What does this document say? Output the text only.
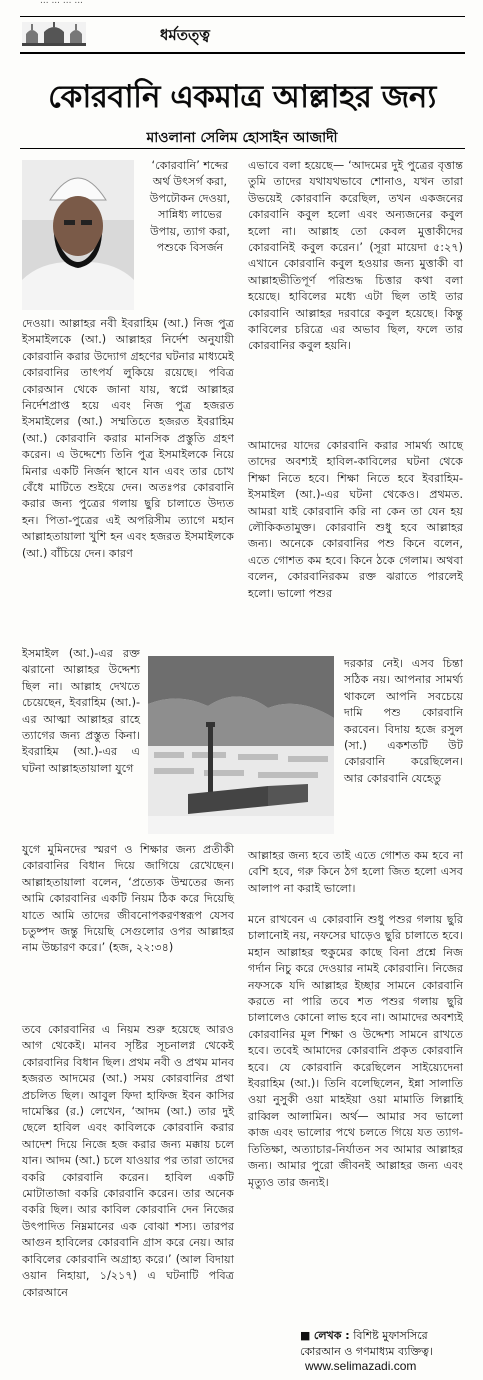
... ... ... ...
ধর্মতত্ত্ব
কোরবানি একমাত্র আল্লাহর জন্য
মাওলানা সেলিম হোসাইন আজাদী

‘কোরবানি’ শব্দের অর্থ উৎসর্গ করা, উপঢৌকন দেওয়া, সান্নিধ্য লাভের উপায়, ত্যাগ করা, পশুকে বিসর্জন

দেওয়া। আল্লাহর নবী ইবরাহিম (আ.) নিজ পুত্র ইসমাইলকে (আ.) আল্লাহর নির্দেশ অনুযায়ী কোরবানি করার উদ্যোগ গ্রহণের ঘটনার মাধ্যমেই কোরবানির তাৎপর্য লুকিয়ে রয়েছে। পবিত্র কোরআন থেকে জানা যায়, স্বপ্নে আল্লাহর নির্দেশপ্রাপ্ত হয়ে এবং নিজ পুত্র হজরত ইসমাইলের (আ.) সম্মতিতে হজরত ইবরাহিম (আ.) কোরবানি করার মানসিক প্রস্তুতি গ্রহণ করেন। এ উদ্দেশ্যে তিনি পুত্র ইসমাইলকে নিয়ে মিনার একটি নির্জন স্থানে যান এবং তার চোখ বেঁধে মাটিতে শুইয়ে দেন। অতঃপর কোরবানি করার জন্য পুত্রের গলায় ছুরি চালাতে উদ্যত হন। পিতা-পুত্রের এই অপরিসীম ত্যাগে মহান আল্লাহতায়ালা খুশি হন এবং হজরত ইসমাইলকে (আ.) বাঁচিয়ে দেন। কারণ

ইসমাইল (আ.)-এর রক্ত ঝরানো আল্লাহর উদ্দেশ্য ছিল না। আল্লাহ দেখতে চেয়েছেন, ইবরাহিম (আ.)-এর আত্মা আল্লাহর রাহে ত্যাগের জন্য প্রস্তুত কিনা। ইবরাহিম (আ.)-এর এ ঘটনা আল্লাহতায়ালা যুগে

যুগে মুমিনদের স্মরণ ও শিক্ষার জন্য প্রতীকী কোরবানির বিধান দিয়ে জাগিয়ে রেখেছেন। আল্লাহতায়ালা বলেন, ‘প্রত্যেক উম্মতের জন্য আমি কোরবানির একটি নিয়ম ঠিক করে দিয়েছি যাতে আমি তাদের জীবনোপকরণস্বরূপ যেসব চতুষ্পদ জন্তু দিয়েছি সেগুলোর ওপর আল্লাহর নাম উচ্চারণ করে।’ (হজ, ২২:৩৪)

তবে কোরবানির এ নিয়ম শুরু হয়েছে আরও আগ থেকেই। মানব সৃষ্টির সূচনালগ্ন থেকেই কোরবানির বিধান ছিল। প্রথম নবী ও প্রথম মানব হজরত আদমের (আ.) সময় কোরবানির প্রথা প্রচলিত ছিল। আবুল ফিদা হাফিজ ইবন কাসির দামেস্কির (র.) লেখেন, ‘আদম (আ.) তার দুই ছেলে হাবিল এবং কাবিলকে কোরবানি করার আদেশ দিয়ে নিজে হজ করার জন্য মক্কায় চলে যান। আদম (আ.) চলে যাওয়ার পর তারা তাদের বকরি কোরবানি করেন। হাবিল একটি মোটাতাজা বকরি কোরবানি করেন। তার অনেক বকরি ছিল। আর কাবিল কোরবানি দেন নিজের উৎপাদিত নিম্নমানের এক বোঝা শস্য। তারপর আগুন হাবিলের কোরবানি গ্রাস করে নেয়। আর কাবিলের কোরবানি অগ্রাহ্য করে।’ (আল বিদায়া ওয়ান নিহায়া, ১/২১৭) এ ঘটনাটি পবিত্র কোরআনে

এভাবে বলা হয়েছে— ‘আদমের দুই পুত্রের বৃত্তান্ত তুমি তাদের যথাযথভাবে শোনাও, যখন তারা উভয়েই কোরবানি করেছিল, তখন একজনের কোরবানি কবুল হলো এবং অন্যজনের কবুল হলো না। আল্লাহ তো কেবল মুত্তাকীদের কোরবানিই কবুল করেন।’ (সূরা মায়েদা ৫:২৭) এখানে কোরবানি কবুল হওয়ার জন্য মুত্তাকী বা আল্লাহভীতিপূর্ণ পরিশুদ্ধ চিত্তার কথা বলা হয়েছে। হাবিলের মধ্যে এটা ছিল তাই তার কোরবানি আল্লাহর দরবারে কবুল হয়েছে। কিন্তু কাবিলের চরিত্রে এর অভাব ছিল, ফলে তার কোরবানির কবুল হয়নি।

আমাদের যাদের কোরবানি করার সামর্থ্য আছে তাদের অবশ্যই হাবিল-কাবিলের ঘটনা থেকে শিক্ষা নিতে হবে। শিক্ষা নিতে হবে ইবরাহিম-ইসমাইল (আ.)-এর ঘটনা থেকেও। প্রথমত. আমরা যাই কোরবানি করি না কেন তা যেন হয় লৌকিকতামুক্ত। কোরবানি শুধু হবে আল্লাহর জন্য। অনেকে কোরবানির পশু কিনে বলেন, এতে গোশত কম হবে। কিনে ঠকে গেলাম। অথবা বলেন, কোরবানিরকম রক্ত ঝরাতে পারলেই হলো। ভালো পশুর

দরকার নেই। এসব চিন্তা সঠিক নয়। আপনার সামর্থ্য থাকলে আপনি সবচেয়ে দামি পশু কোরবানি করবেন। বিদায় হজে রসুল (সা.) একশতটি উট কোরবানি করেছিলেন। আর কোরবানি যেহেতু

আল্লাহর জন্য হবে তাই এতে গোশত কম হবে না বেশি হবে, গরু কিনে ঠগ হলো জিত হলো এসব আলাপ না করাই ভালো।

মনে রাখবেন এ কোরবানি শুধু পশুর গলায় ছুরি চালানোই নয়, নফসের ঘাড়েও ছুরি চালাতে হবে। মহান আল্লাহর হুকুমের কাছে বিনা প্রশ্নে নিজ গর্দান নিচু করে দেওয়ার নামই কোরবানি। নিজের নফসকে যদি আল্লাহর ইচ্ছার সামনে কোরবানি করতে না পারি তবে শত পশুর গলায় ছুরি চালালেও কোনো লাভ হবে না। আমাদের অবশ্যই কোরবানির মূল শিক্ষা ও উদ্দেশ্য সামনে রাখতে হবে। তবেই আমাদের কোরবানি প্রকৃত কোরবানি হবে। যে কোরবানি করেছিলেন সাইয়্যেদেনা ইবরাহিম (আ.)। তিনি বলেছিলেন, ইন্না সালাতি ওয়া নুসুকী ওয়া মাহইয়া ওয়া মামাতি লিল্লাহি রাব্বিল আলামিন। অর্থ— আমার সব ভালো কাজ এবং ভালোর পথে চলতে গিয়ে যত ত্যাগ-তিতিক্ষা, অত্যাচার-নির্যাতন সব আমার আল্লাহর জন্য। আমার পুরো জীবনই আল্লাহর জন্য এবং মৃত্যুও তার জন্যই।

■ লেখক : বিশিষ্ট মুফাসসিরে কোরআন ও গণমাধ্যম ব্যক্তিত্ব।
www.selimazadi.com
